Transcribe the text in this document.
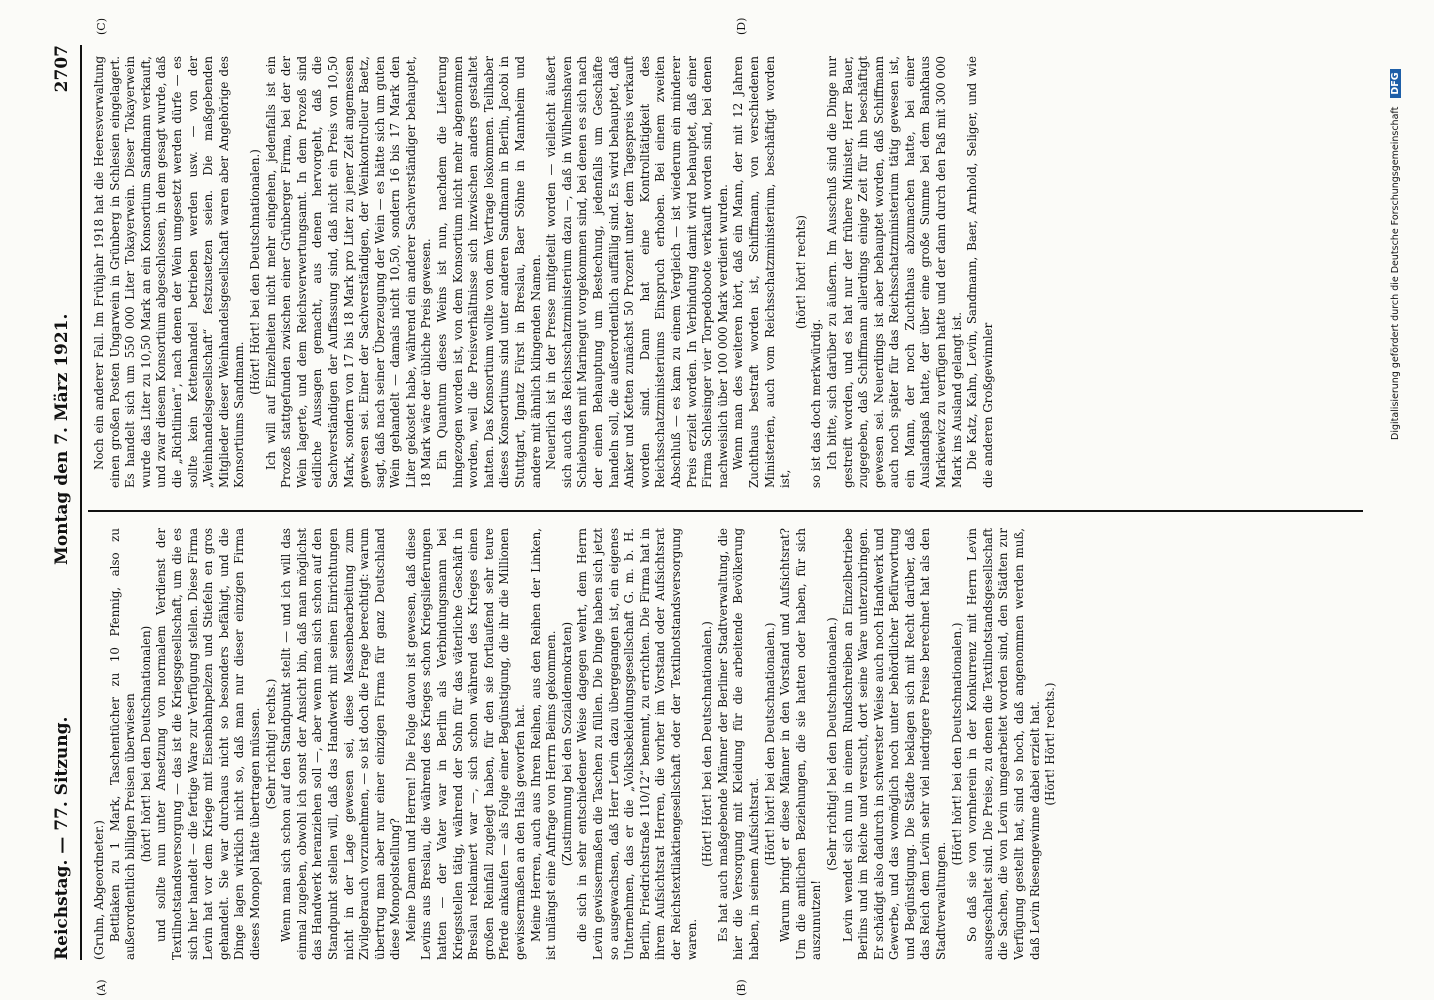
Reichstag. — 77. Sitzung.
Montag den 7. März 1921.
2707
(A)	(B)
(C)	(D)

(Gruhn, Abgeordneter.) Bettlaken zu 1 Mark, Taschentücher zu 10 Pfennig, also zu außerordentlich billigen Preisen überwiesen (hört! hört! bei den Deutschnationalen) und sollte nun unter Ansetzung von normalem Verdienst der Textilnotstandsversorgung — das ist die Kriegsgesellschaft, um die es sich hier handelt — die fertige Ware zur Verfügung stellen. Diese Firma Levin hat vor dem Kriege mit Eisenbahnpelzen und Stiefeln en gros gehandelt. Sie war durchaus nicht so besonders befähigt, und die Dinge lagen wirklich nicht so, daß man nur dieser einzigen Firma dieses Monopol hätte übertragen müssen. (Sehr richtig! rechts.) Wenn man sich schon auf den Standpunkt stellt — und ich will das einmal zugeben, obwohl ich sonst der Ansicht bin, daß man möglichst das Handwerk heranziehen soll —, aber wenn man sich schon auf den Standpunkt stellen will, daß das Handwerk mit seinen Einrichtungen nicht in der Lage gewesen sei, diese Massenbearbeitung zum Zivilgebrauch vorzunehmen, — so ist doch die Frage berechtigt: warum übertrug man aber nur einer einzigen Firma für ganz Deutschland diese Monopolstellung? Meine Damen und Herren! Die Folge davon ist gewesen, daß diese Levins aus Breslau, die während des Krieges schon Kriegslieferungen hatten — der Vater war in Berlin als Verbindungsmann bei Kriegsstellen tätig, während der Sohn für das väterliche Geschäft in Breslau reklamiert war —, sich schon während des Krieges einen großen Reinfall zugelegt haben, für den sie fortlaufend sehr teure Pferde ankaufen — als Folge einer Begünstigung, die ihr die Millionen gewissermaßen an den Hals geworfen hat. Meine Herren, auch aus Ihren Reihen, aus den Reihen der Linken, ist unlängst eine Anfrage von Herrn Beims gekommen. (Zustimmung bei den Sozialdemokraten) die sich in sehr entschiedener Weise dagegen wehrt, dem Herrn Levin gewissermaßen die Taschen zu füllen. Die Dinge haben sich jetzt so ausgewachsen, daß Herr Levin dazu übergegangen ist, ein eigenes Unternehmen, das er die „Volksbekleidungsgesellschaft G. m. b. H. Berlin, Friedrichstraße 110/12“ benennt, zu errichten. Die Firma hat in ihrem Aufsichtsrat Herren, die vorher im Vorstand oder Aufsichtsrat der Reichstextilaktiengesellschaft oder der Textilnotstandsversorgung waren.

(Hört! Hört! bei den Deutschnationalen.) Es hat auch maßgebende Männer der Berliner Stadtverwaltung, die hier die Versorgung mit Kleidung für die arbeitende Bevölkerung haben, in seinem Aufsichtsrat.

(Hört! hört! bei den Deutschnationalen.) Warum bringt er diese Männer in den Vorstand und Aufsichtsrat? Um die amtlichen Beziehungen, die sie hatten oder haben, für sich auszunutzen!

(Sehr richtig! bei den Deutschnationalen.) Levin wendet sich nun in einem Rundschreiben an Einzelbetriebe Berlins und im Reiche und versucht, dort seine Ware unterzubringen. Er schädigt also dadurch in schwerster Weise auch noch Handwerk und Gewerbe, und das womöglich noch unter behördlicher Befürwortung und Begünstigung. Die Städte beklagen sich mit Recht darüber, daß das Reich dem Levin sehr viel niedrigere Preise berechnet hat als den Stadtverwaltungen.

(Hört! hört! bei den Deutschnationalen.) So daß sie von vornherein in der Konkurrenz mit Herrn Levin ausgeschaltet sind. Die Preise, zu denen die Textilnotstandsgesellschaft die Sachen, die von Levin umgearbeitet worden sind, den Städten zur Verfügung gestellt hat, sind so hoch, daß angenommen werden muß, daß Levin Riesengewinne dabei erzielt hat. (Hört! Hört! rechts.)

Noch ein anderer Fall. Im Frühjahr 1918 hat die Heeresverwaltung einen großen Posten Ungarwein in Grünberg in Schlesien eingelagert. Es handelt sich um 550 000 Liter Tokayerwein. Dieser Tokayerwein wurde das Liter zu 10,50 Mark an ein Konsortium Sandmann verkauft, und zwar diesem Konsortium abgeschlossen, in dem gesagt wurde, daß die „Richtlinien“, nach denen der Wein umgesetzt werden dürfe — es sollte kein Kettenhandel betrieben werden usw. — von der „Weinhandelsgesellschaft“ festzusetzen seien. Die maßgebenden Mitglieder dieser Weinhandelsgesellschaft waren aber Angehörige des Konsortiums Sandmann.

(Hört! Hört! bei den Deutschnationalen.) Ich will auf Einzelheiten nicht mehr eingehen, jedenfalls ist ein Prozeß stattgefunden zwischen einer Grünberger Firma, bei der der Wein lagerte, und dem Reichsverwertungsamt. In dem Prozeß sind eidliche Aussagen gemacht, aus denen hervorgeht, daß die Sachverständigen der Auffassung sind, daß nicht ein Preis von 10,50 Mark, sondern von 17 bis 18 Mark pro Liter zu jener Zeit angemessen gewesen sei. Einer der Sachverständigen, der Weinkontrolleur Baetz, sagt, daß nach seiner Überzeugung der Wein — es hätte sich um guten Wein gehandelt — damals nicht 10,50, sondern 16 bis 17 Mark den Liter gekostet habe, während ein anderer Sachverständiger behauptet, 18 Mark wäre der übliche Preis gewesen. Ein Quantum dieses Weins ist nun, nachdem die Lieferung hingezogen worden ist, von dem Konsortium nicht mehr abgenommen worden, weil die Preisverhältnisse sich inzwischen anders gestaltet hatten. Das Konsortium wollte von dem Vertrage loskommen. Teilhaber dieses Konsortiums sind unter anderen Sandmann in Berlin, Jacobi in Stuttgart, Ignatz Fürst in Breslau, Baer Söhne in Mannheim und andere mit ähnlich klingenden Namen. Neuerlich ist in der Presse mitgeteilt worden — vielleicht äußert sich auch das Reichsschatzministerium dazu —, daß in Wilhelmshaven Schiebungen mit Marinegut vorgekommen sind, bei denen es sich nach der einen Behauptung um Bestechung, jedenfalls um Geschäfte handeln soll, die außerordentlich auffällig sind. Es wird behauptet, daß Anker und Ketten zunächst 50 Prozent unter dem Tagespreis verkauft worden sind. Dann hat eine Kontrolltätigkeit des Reichsschatzministeriums Einspruch erhoben. Bei einem zweiten Abschluß — es kam zu einem Vergleich — ist wiederum ein minderer Preis erzielt worden. In Verbindung damit wird behauptet, daß einer Firma Schlesinger vier Torpedoboote verkauft worden sind, bei denen nachweislich über 100 000 Mark verdient wurden. Wenn man des weiteren hört, daß ein Mann, der mit 12 Jahren Zuchthaus bestraft worden ist, Schiffmann, von verschiedenen Ministerien, auch vom Reichsschatzministerium, beschäftigt worden ist,

(hört! hört! rechts)

so ist das doch merkwürdig. Ich bitte, sich darüber zu äußern. Im Ausschuß sind die Dinge nur gestreift worden, und es hat nur der frühere Minister, Herr Bauer, zugegeben, daß Schiffmann allerdings einige Zeit für ihn beschäftigt gewesen sei. Neuerdings ist aber behauptet worden, daß Schiffmann auch noch später für das Reichsschatzministerium tätig gewesen ist, ein Mann, der noch Zuchthaus abzumachen hatte, bei einer Auslandspaß hatte, der über eine große Summe bei dem Bankhaus Markiewicz zu verfügen hatte und der dann durch den Paß mit 300 000 Mark ins Ausland gelangt ist. Die Katz, Kahn, Levin, Sandmann, Baer, Arnhold, Seliger, und wie die anderen Großgewinnler	Digitalisierung gefördert durch die Deutsche Forschungsgemeinschaft DFG
